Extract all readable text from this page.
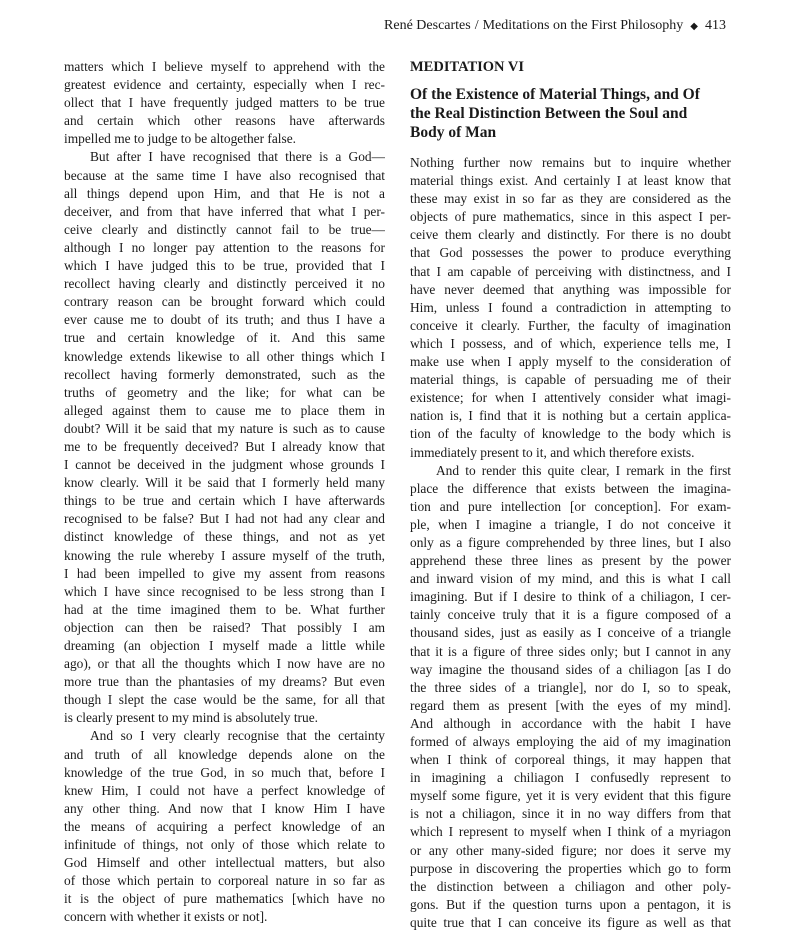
René Descartes / Meditations on the First Philosophy ◆ 413
matters which I believe myself to apprehend with the
greatest evidence and certainty, especially when I rec-
ollect that I have frequently judged matters to be true
and certain which other reasons have afterwards
impelled me to judge to be altogether false.
But after I have recognised that there is a God—
because at the same time I have also recognised that
all things depend upon Him, and that He is not a
deceiver, and from that have inferred that what I per-
ceive clearly and distinctly cannot fail to be true—
although I no longer pay attention to the reasons for
which I have judged this to be true, provided that I
recollect having clearly and distinctly perceived it no
contrary reason can be brought forward which could
ever cause me to doubt of its truth; and thus I have a
true and certain knowledge of it. And this same
knowledge extends likewise to all other things which I
recollect having formerly demonstrated, such as the
truths of geometry and the like; for what can be
alleged against them to cause me to place them in
doubt? Will it be said that my nature is such as to cause
me to be frequently deceived? But I already know that
I cannot be deceived in the judgment whose grounds I
know clearly. Will it be said that I formerly held many
things to be true and certain which I have afterwards
recognised to be false? But I had not had any clear and
distinct knowledge of these things, and not as yet
knowing the rule whereby I assure myself of the truth,
I had been impelled to give my assent from reasons
which I have since recognised to be less strong than I
had at the time imagined them to be. What further
objection can then be raised? That possibly I am
dreaming (an objection I myself made a little while
ago), or that all the thoughts which I now have are no
more true than the phantasies of my dreams? But even
though I slept the case would be the same, for all that
is clearly present to my mind is absolutely true.
And so I very clearly recognise that the certainty
and truth of all knowledge depends alone on the
knowledge of the true God, in so much that, before I
knew Him, I could not have a perfect knowledge of
any other thing. And now that I know Him I have
the means of acquiring a perfect knowledge of an
infinitude of things, not only of those which relate to
God Himself and other intellectual matters, but also
of those which pertain to corporeal nature in so far as
it is the object of pure mathematics [which have no
concern with whether it exists or not].
MEDITATION VI
Of the Existence of Material Things, and Of
the Real Distinction Between the Soul and
Body of Man
Nothing further now remains but to inquire whether
material things exist. And certainly I at least know that
these may exist in so far as they are considered as the
objects of pure mathematics, since in this aspect I per-
ceive them clearly and distinctly. For there is no doubt
that God possesses the power to produce everything
that I am capable of perceiving with distinctness, and I
have never deemed that anything was impossible for
Him, unless I found a contradiction in attempting to
conceive it clearly. Further, the faculty of imagination
which I possess, and of which, experience tells me, I
make use when I apply myself to the consideration of
material things, is capable of persuading me of their
existence; for when I attentively consider what imagi-
nation is, I find that it is nothing but a certain applica-
tion of the faculty of knowledge to the body which is
immediately present to it, and which therefore exists.
And to render this quite clear, I remark in the first
place the difference that exists between the imagina-
tion and pure intellection [or conception]. For exam-
ple, when I imagine a triangle, I do not conceive it
only as a figure comprehended by three lines, but I also
apprehend these three lines as present by the power
and inward vision of my mind, and this is what I call
imagining. But if I desire to think of a chiliagon, I cer-
tainly conceive truly that it is a figure composed of a
thousand sides, just as easily as I conceive of a triangle
that it is a figure of three sides only; but I cannot in any
way imagine the thousand sides of a chiliagon [as I do
the three sides of a triangle], nor do I, so to speak,
regard them as present [with the eyes of my mind].
And although in accordance with the habit I have
formed of always employing the aid of my imagination
when I think of corporeal things, it may happen that
in imagining a chiliagon I confusedly represent to
myself some figure, yet it is very evident that this figure
is not a chiliagon, since it in no way differs from that
which I represent to myself when I think of a myriagon
or any other many-sided figure; nor does it serve my
purpose in discovering the properties which go to form
the distinction between a chiliagon and other poly-
gons. But if the question turns upon a pentagon, it is
quite true that I can conceive its figure as well as that
